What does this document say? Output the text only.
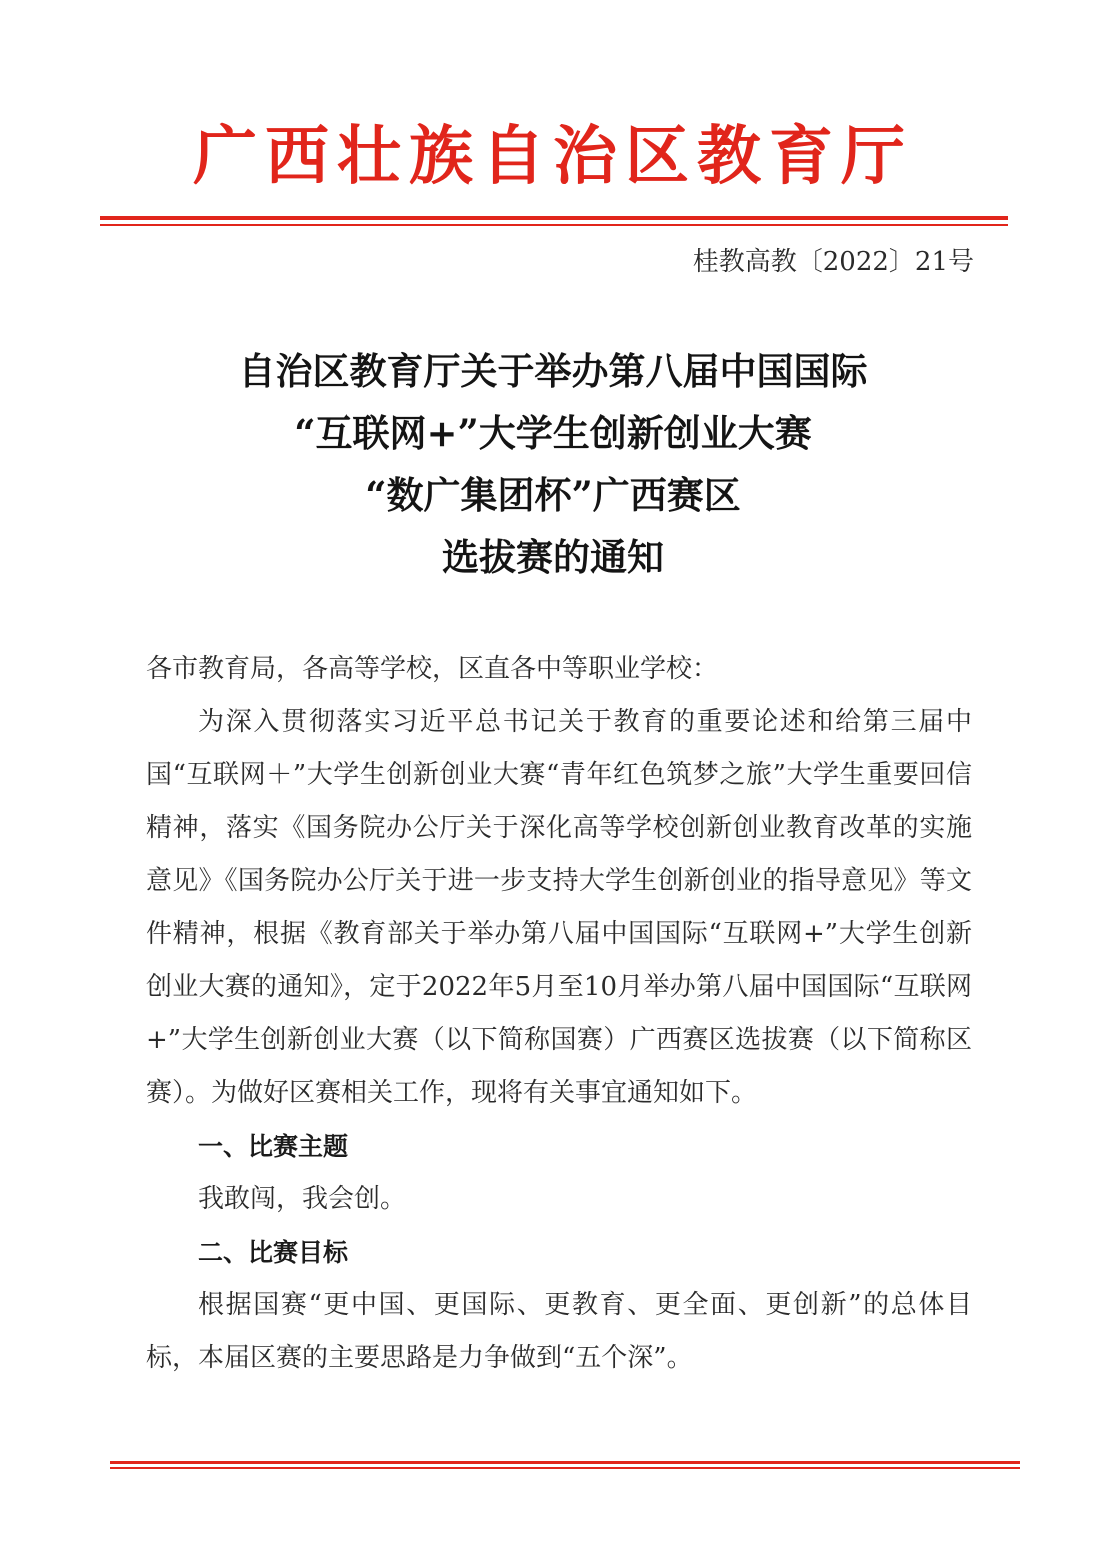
广西壮族自治区教育厅
桂教高教〔2022〕21号
自治区教育厅关于举办第八届中国国际
“互联网+”大学生创新创业大赛
“数广集团杯”广西赛区
选拔赛的通知

各市教育局，各高等学校，区直各中等职业学校：

为深入贯彻落实习近平总书记关于教育的重要论述和给第三届中国“互联网＋”大学生创新创业大赛“青年红色筑梦之旅”大学生重要回信精神，落实《国务院办公厅关于深化高等学校创新创业教育改革的实施意见》《国务院办公厅关于进一步支持大学生创新创业的指导意见》等文件精神，根据《教育部关于举办第八届中国国际“互联网+”大学生创新创业大赛的通知》，定于2022年5月至10月举办第八届中国国际“互联网+”大学生创新创业大赛（以下简称国赛）广西赛区选拔赛（以下简称区赛）。为做好区赛相关工作，现将有关事宜通知如下。

一、比赛主题

我敢闯，我会创。

二、比赛目标

根据国赛“更中国、更国际、更教育、更全面、更创新”的总体目标，本届区赛的主要思路是力争做到“五个深”。
